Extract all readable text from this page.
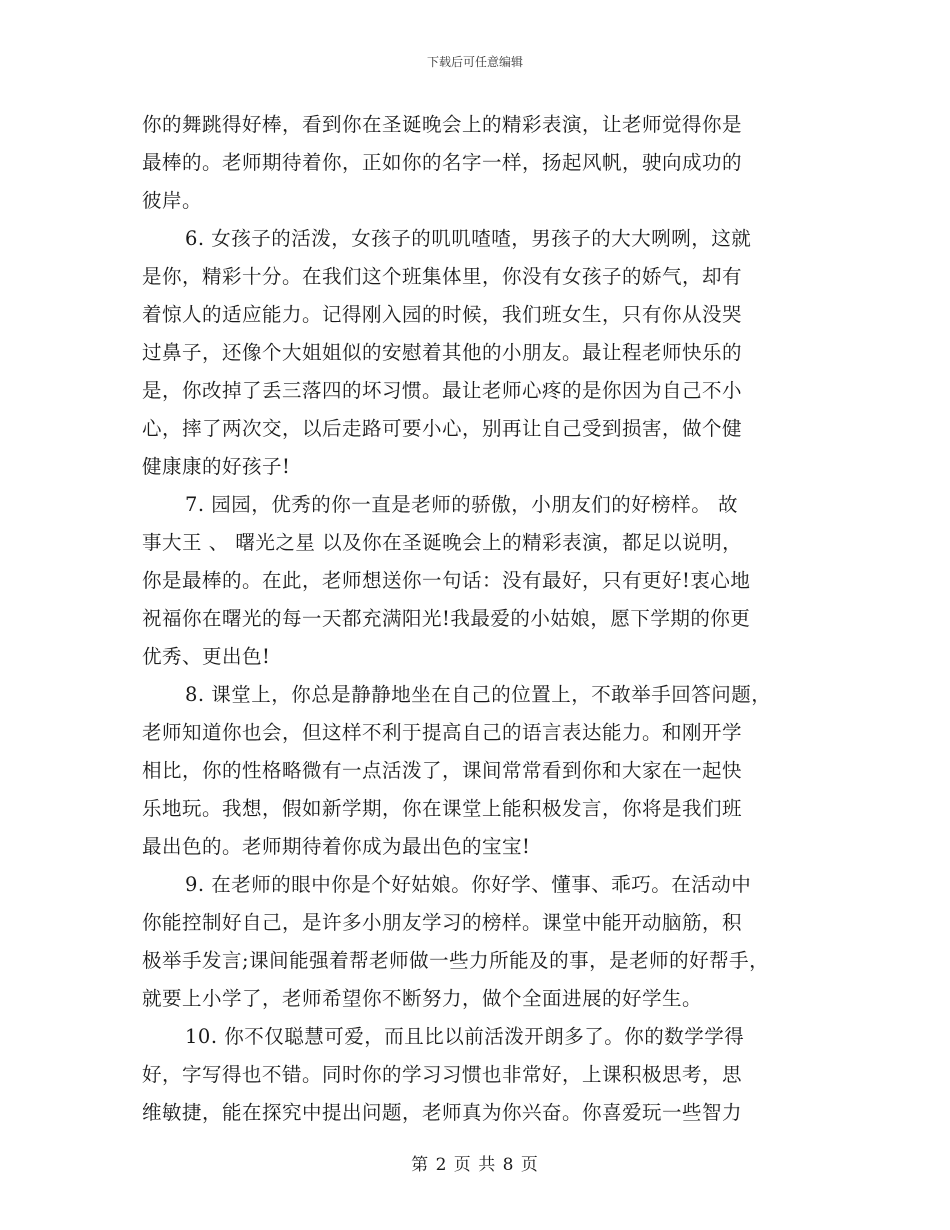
下载后可任意编辑
你的舞跳得好棒，看到你在圣诞晚会上的精彩表演，让老师觉得你是
最棒的。老师期待着你，正如你的名字一样，扬起风帆，驶向成功的
彼岸。
6. 女孩子的活泼，女孩子的叽叽喳喳，男孩子的大大咧咧，这就
是你，精彩十分。在我们这个班集体里，你没有女孩子的娇气，却有
着惊人的适应能力。记得刚入园的时候，我们班女生，只有你从没哭
过鼻子，还像个大姐姐似的安慰着其他的小朋友。最让程老师快乐的
是，你改掉了丢三落四的坏习惯。最让老师心疼的是你因为自己不小
心，摔了两次交，以后走路可要小心，别再让自己受到损害，做个健
健康康的好孩子!
7. 园园，优秀的你一直是老师的骄傲，小朋友们的好榜样。 故
事大王 、 曙光之星 以及你在圣诞晚会上的精彩表演，都足以说明，
你是最棒的。在此，老师想送你一句话：没有最好，只有更好!衷心地
祝福你在曙光的每一天都充满阳光!我最爱的小姑娘，愿下学期的你更
优秀、更出色!
8. 课堂上，你总是静静地坐在自己的位置上，不敢举手回答问题，
老师知道你也会，但这样不利于提高自己的语言表达能力。和刚开学
相比，你的性格略微有一点活泼了，课间常常看到你和大家在一起快
乐地玩。我想，假如新学期，你在课堂上能积极发言，你将是我们班
最出色的。老师期待着你成为最出色的宝宝!
9. 在老师的眼中你是个好姑娘。你好学、懂事、乖巧。在活动中
你能控制好自己，是许多小朋友学习的榜样。课堂中能开动脑筋，积
极举手发言;课间能强着帮老师做一些力所能及的事，是老师的好帮手，
就要上小学了，老师希望你不断努力，做个全面进展的好学生。
10. 你不仅聪慧可爱，而且比以前活泼开朗多了。你的数学学得
好，字写得也不错。同时你的学习习惯也非常好，上课积极思考，思
维敏捷，能在探究中提出问题，老师真为你兴奋。你喜爱玩一些智力
第 2 页 共 8 页
